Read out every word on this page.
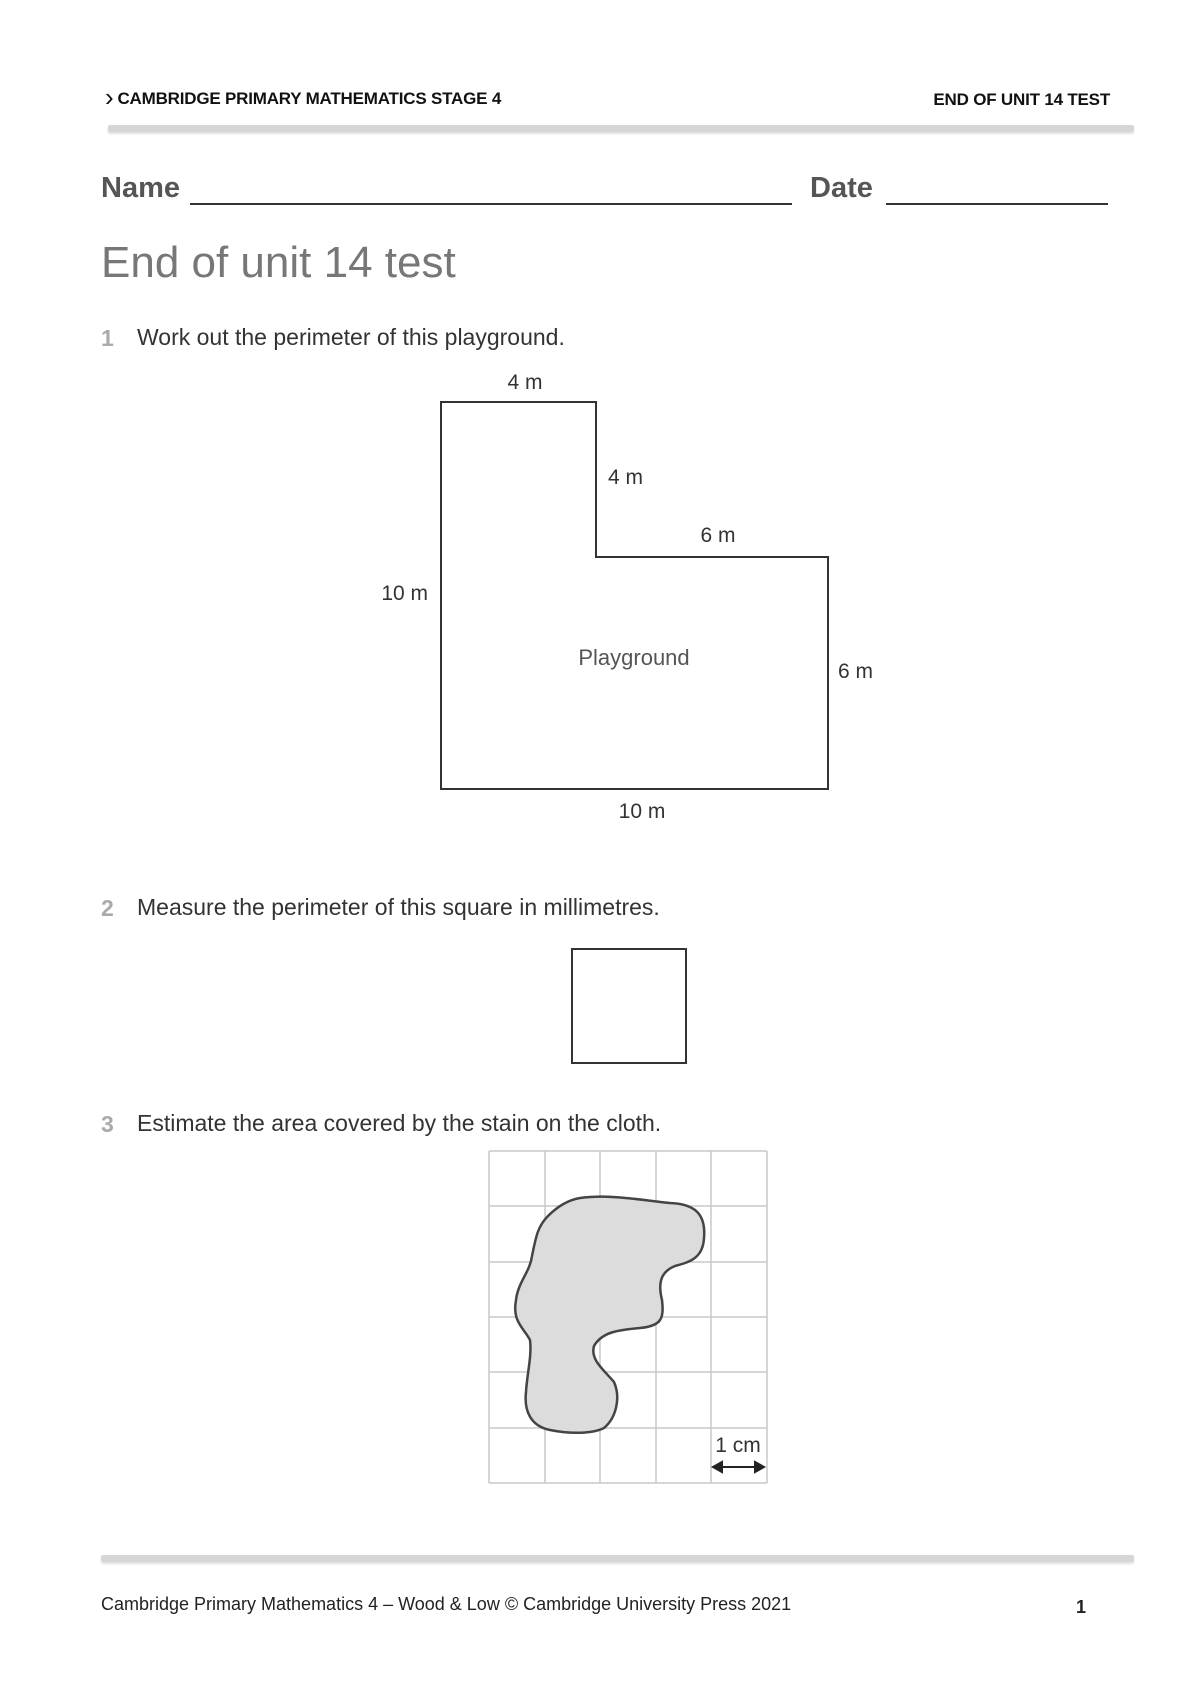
› CAMBRIDGE PRIMARY MATHEMATICS STAGE 4	END OF UNIT 14 TEST
Name	Date
End of unit 14 test
1 Work out the perimeter of this playground.
4 m
4 m
6 m
10 m
6 m
10 m
Playground
1 cm
2 Measure the perimeter of this square in millimetres.
3 Estimate the area covered by the stain on the cloth.
Cambridge Primary Mathematics 4 – Wood & Low © Cambridge University Press 2021	1
